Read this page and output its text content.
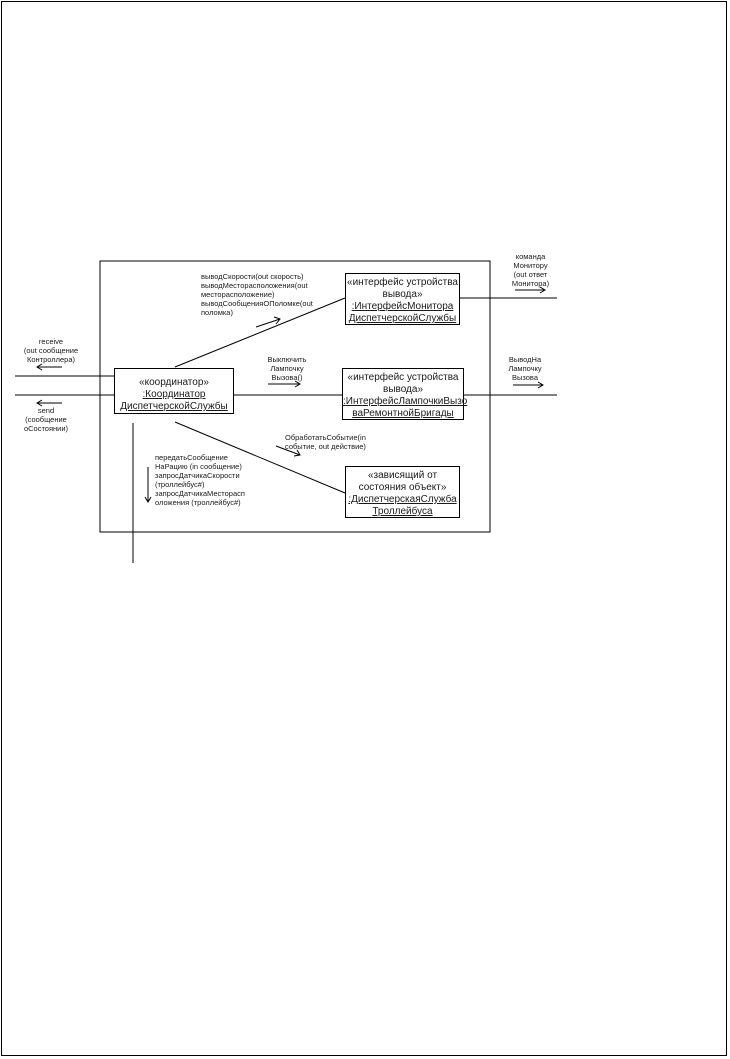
«координатор»
:Координатор
ДиспетчерскойСлужбы
«интерфейс устройства
вывода»
:ИнтерфейсМонитора
ДиспетчерскойСлужбы
«интерфейс устройства
вывода»
:ИнтерфейсЛампочкиВызо
ваРемонтнойБригады
«зависящий от
состояния объект»
:ДиспетчерскаяСлужба
Троллейбуса
выводСкорости(out скорость)
выводМесторасположения(out
месторасположение)
выводСообщенияОПоломке(out
поломка)
Выключить
Лампочку
Вызова()
ОбработатьСобытие(in
событие, out действие)
передатьСообщение
НаРацию (in сообщение)
запросДатчикаСкорости
(троллейбус#)
запросДатчикаМесторасп
оложения (троллейбус#)
receive
(out сообщение
Контроллера)
send
(сообщение
оСостоянии)
команда
Монитору
(out ответ
Монитора)
ВыводНа
Лампочку
Вызова
